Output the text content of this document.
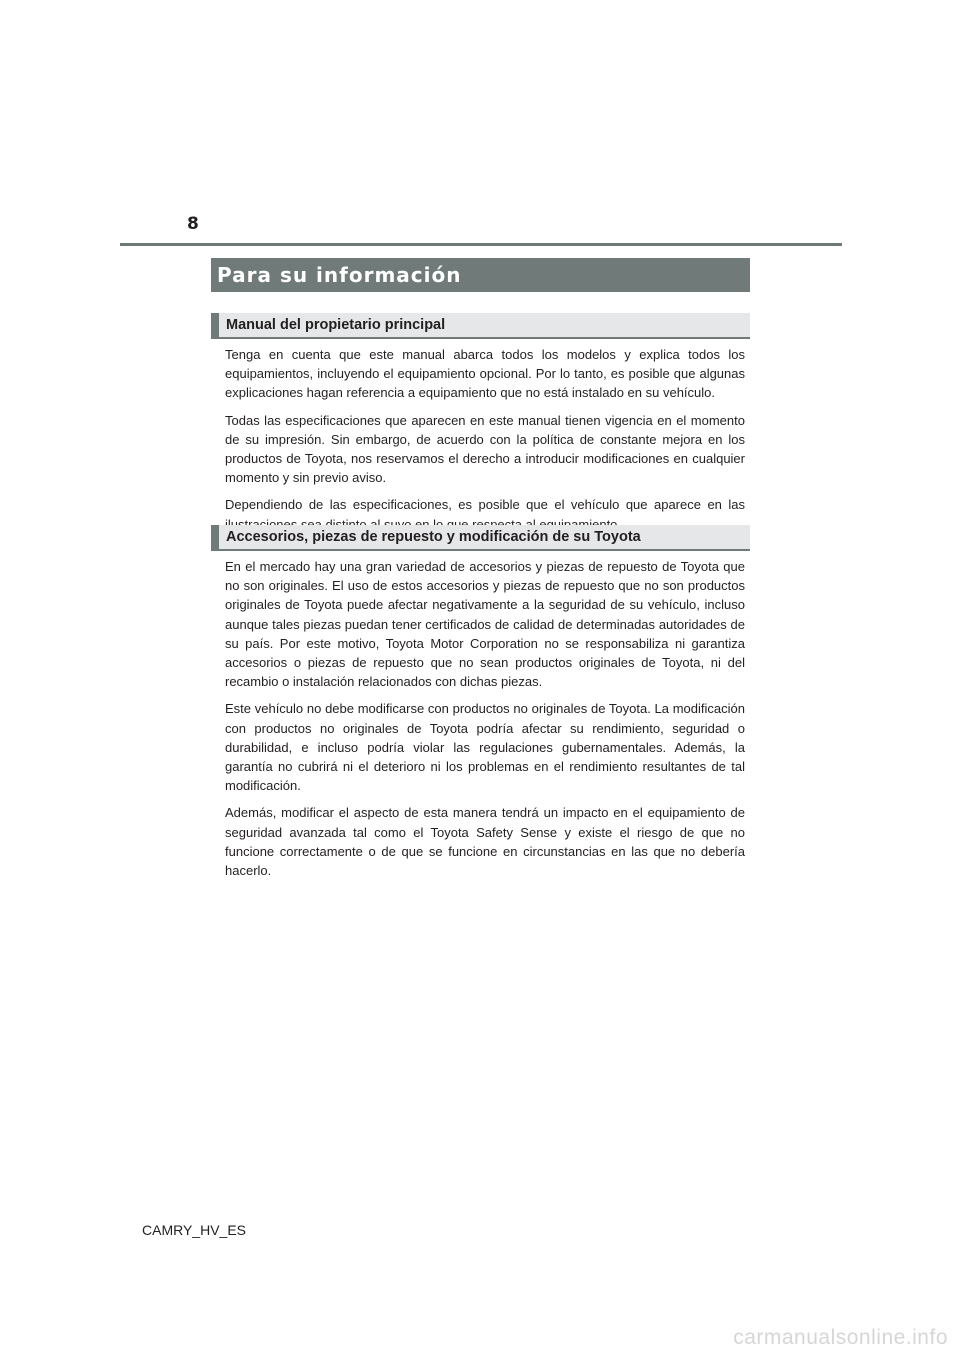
8
Para su información
Manual del propietario principal

Tenga en cuenta que este manual abarca todos los modelos y explica todos los equipamientos, incluyendo el equipamiento opcional. Por lo tanto, es posible que algunas explicaciones hagan referencia a equipamiento que no está instalado en su vehículo.

Todas las especificaciones que aparecen en este manual tienen vigencia en el momento de su impresión. Sin embargo, de acuerdo con la política de constante mejora en los productos de Toyota, nos reservamos el derecho a introducir modificaciones en cualquier momento y sin previo aviso.

Dependiendo de las especificaciones, es posible que el vehículo que aparece en las

Accesorios, piezas de repuesto y modificación de su Toyota

En el mercado hay una gran variedad de accesorios y piezas de repuesto de Toyota que no son originales. El uso de estos accesorios y piezas de repuesto que no son productos originales de Toyota puede afectar negativamente a la seguridad de su vehículo, incluso aunque tales piezas puedan tener certificados de calidad de determinadas autoridades de su país. Por este motivo, Toyota Motor Corporation no se responsabiliza ni garantiza accesorios o piezas de repuesto que no sean productos originales de Toyota, ni del recambio o instalación relacionados con dichas piezas.

Este vehículo no debe modificarse con productos no originales de Toyota. La modificación con productos no originales de Toyota podría afectar su rendimiento, seguridad o durabilidad, e incluso podría violar las regulaciones gubernamentales. Además, la garantía no cubrirá ni el deterioro ni los problemas en el rendimiento resultantes de tal modificación.

Además, modificar el aspecto de esta manera tendrá un impacto en el equipamiento de seguridad avanzada tal como el Toyota Safety Sense y existe el riesgo de que no funcione correctamente o de que se funcione en circunstancias en las que no debería hacerlo.

CAMRY_HV_ES
carmanualsonline.info
